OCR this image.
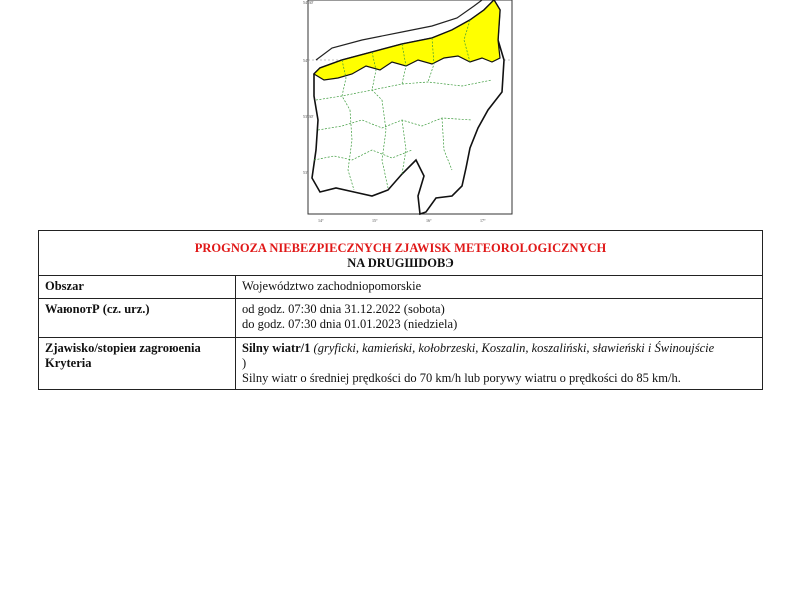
54°30'
54°
53°30'
53°
14°	15°	16°	17°
PROGNOZA NIEBEZPIECZNYCH ZJAWISK METEOROLOGICZNYCH
NA DRUGШDOBЭ	

Obszar	Województwo zachodniopomorskie
WaюnoтР (cz. urz.)	od godz. 07:30 dnia 31.12.2022 (sobota)
do godz. 07:30 dnia 01.01.2023 (niedziela)

Zjawisko/stopieи zagroюenia
Kryteria	Silny wiatr/1 (gryficki, kamieński, kołobrzeski, Koszalin, koszaliński, sławieński i Świnoujście
)
Silny wiatr o średniej prędkości do 70 km/h lub porywy wiatru o prędkości do 85 km/h.
